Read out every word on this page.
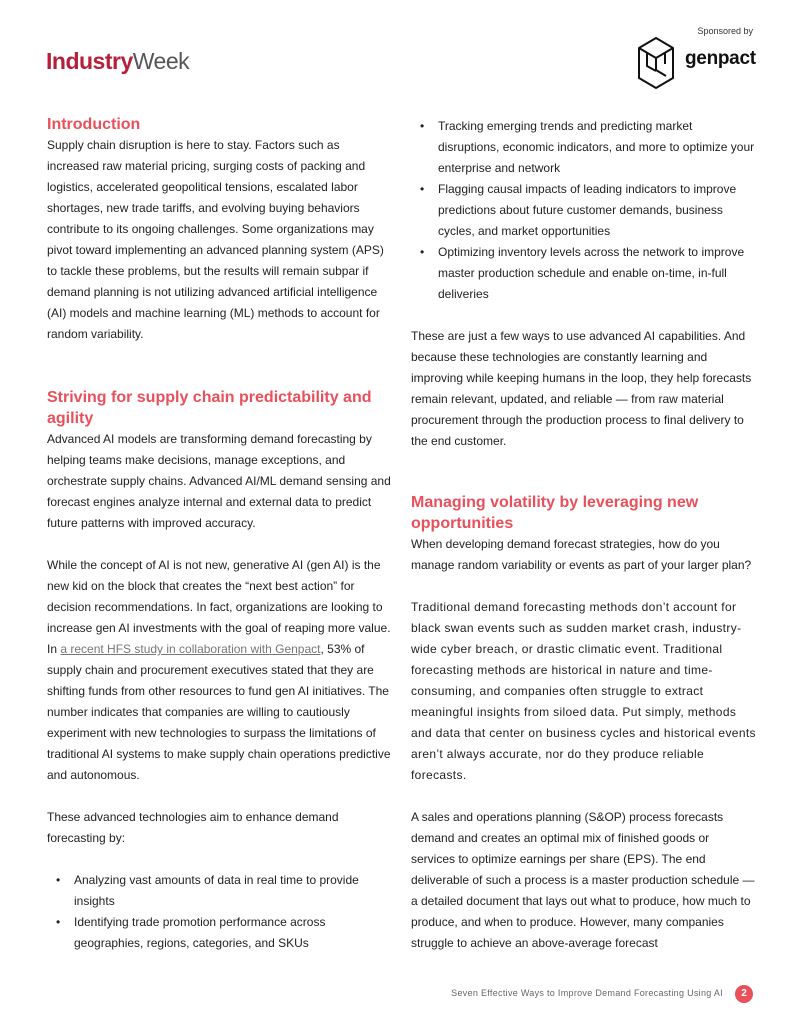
IndustryWeek.
Sponsored by
genpact
Introduction

Supply chain disruption is here to stay. Factors such as increased raw material pricing, surging costs of packing and logistics, accelerated geopolitical tensions, escalated labor shortages, new trade tariffs, and evolving buying behaviors contribute to its ongoing challenges. Some organizations may pivot toward implementing an advanced planning system (APS) to tackle these problems, but the results will remain subpar if demand planning is not utilizing advanced artificial intelligence (AI) models and machine learning (ML) methods to account for random variability.

Striving for supply chain predictability and agility

Advanced AI models are transforming demand forecasting by helping teams make decisions, manage exceptions, and orchestrate supply chains. Advanced AI/ML demand sensing and forecast engines analyze internal and external data to predict future patterns with improved accuracy.

While the concept of AI is not new, generative AI (gen AI) is the new kid on the block that creates the “next best action” for decision recommendations. In fact, organizations are looking to increase gen AI investments with the goal of reaping more value. In a recent HFS study in collaboration with Genpact, 53% of supply chain and procurement executives stated that they are shifting funds from other resources to fund gen AI initiatives. The number indicates that companies are willing to cautiously experiment with new technologies to surpass the limitations of traditional AI systems to make supply chain operations predictive and autonomous.

These advanced technologies aim to enhance demand forecasting by:

• Analyzing vast amounts of data in real time to provide insights
• Identifying trade promotion performance across geographies, regions, categories, and SKUs
• Tracking emerging trends and predicting market disruptions, economic indicators, and more to optimize your enterprise and network
• Flagging causal impacts of leading indicators to improve predictions about future customer demands, business cycles, and market opportunities
• Optimizing inventory levels across the network to improve master production schedule and enable on-time, in-full deliveries

These are just a few ways to use advanced AI capabilities. And because these technologies are constantly learning and improving while keeping humans in the loop, they help forecasts remain relevant, updated, and reliable — from raw material procurement through the production process to final delivery to the end customer.

Managing volatility by leveraging new opportunities

When developing demand forecast strategies, how do you manage random variability or events as part of your larger plan?

Traditional demand forecasting methods don’t account for black swan events such as sudden market crash, industry-wide cyber breach, or drastic climatic event. Traditional forecasting methods are historical in nature and time-consuming, and companies often struggle to extract meaningful insights from siloed data. Put simply, methods and data that center on business cycles and historical events aren’t always accurate, nor do they produce reliable forecasts.

A sales and operations planning (S&OP) process forecasts demand and creates an optimal mix of finished goods or services to optimize earnings per share (EPS). The end deliverable of such a process is a master production schedule — a detailed document that lays out what to produce, how much to produce, and when to produce. However, many companies struggle to achieve an above-average forecast

Seven Effective Ways to Improve Demand Forecasting Using AI	2
